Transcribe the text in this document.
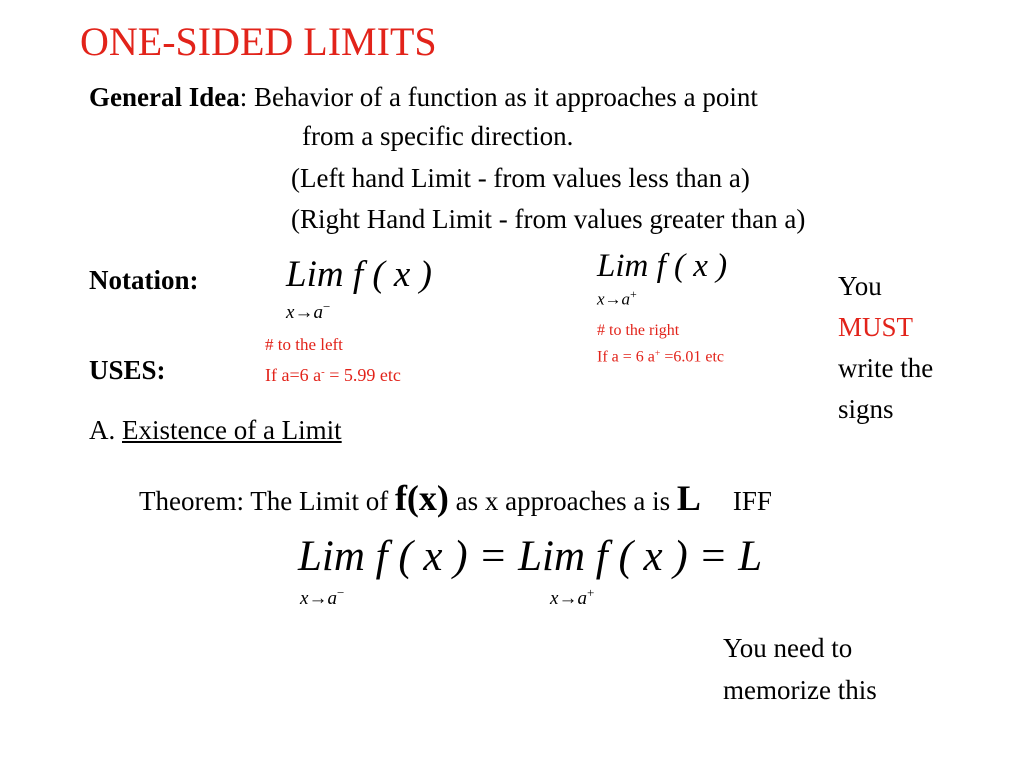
ONE-SIDED LIMITS
General Idea: Behavior of a function as it approaches a point
from a specific direction.
(Left hand Limit - from values less than a)
(Right Hand Limit - from values greater than a)
Notation: Lim f ( x )
x→a−
# to the left
If a=6 a- = 5.99 etc
Lim f ( x )
x→a+
# to the right
If a = 6 a+ =6.01 etc
You
MUST
write the
signs
USES:
A. Existence of a Limit
Theorem: The Limit of f(x) as x approaches a is L IFF
Lim f ( x ) = Lim f ( x ) = L
x→a−	x→a+
You need to
memorize this
